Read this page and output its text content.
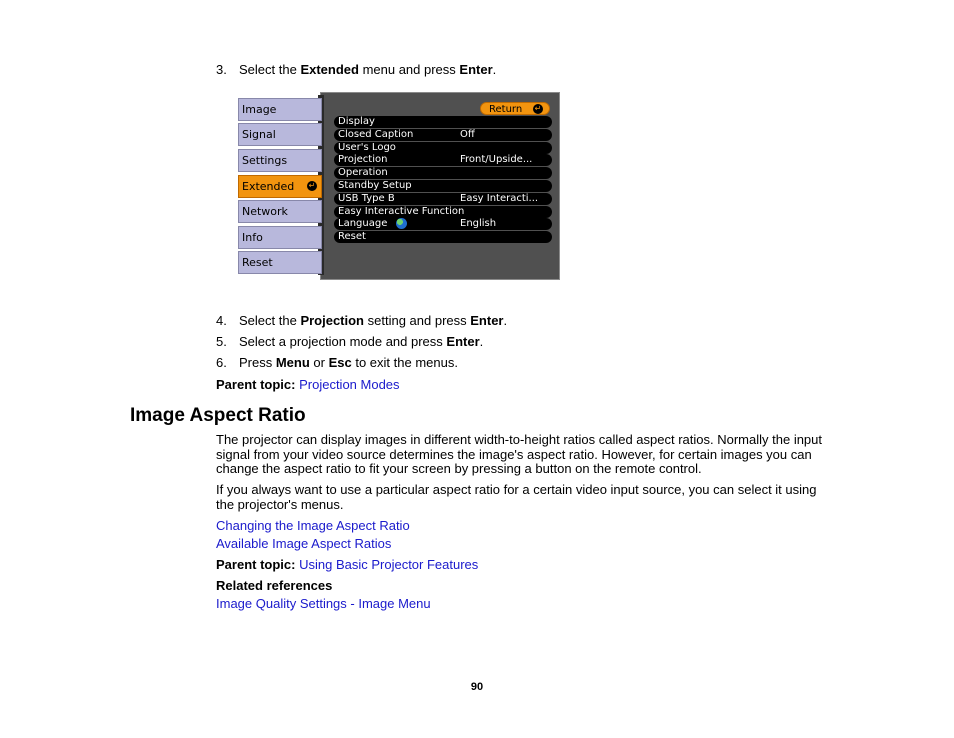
3. Select the Extended menu and press Enter.
Image
Signal
Settings
Extended ↵
Network
Info
Reset
Return ↵
Display
Closed Caption	Off
User's Logo
Projection	Front/Upside...
Operation
Standby Setup
USB Type B	Easy Interacti...
Easy Interactive Function
Language	English
Reset
4. Select the Projection setting and press Enter.
5. Select a projection mode and press Enter.
6. Press Menu or Esc to exit the menus.
Parent topic: Projection Modes
Image Aspect Ratio
The projector can display images in different width-to-height ratios called aspect ratios. Normally the input signal from your video source determines the image's aspect ratio. However, for certain images you can change the aspect ratio to fit your screen by pressing a button on the remote control.
If you always want to use a particular aspect ratio for a certain video input source, you can select it using the projector's menus.
Changing the Image Aspect Ratio
Available Image Aspect Ratios
Parent topic: Using Basic Projector Features
Related references
Image Quality Settings - Image Menu
90
